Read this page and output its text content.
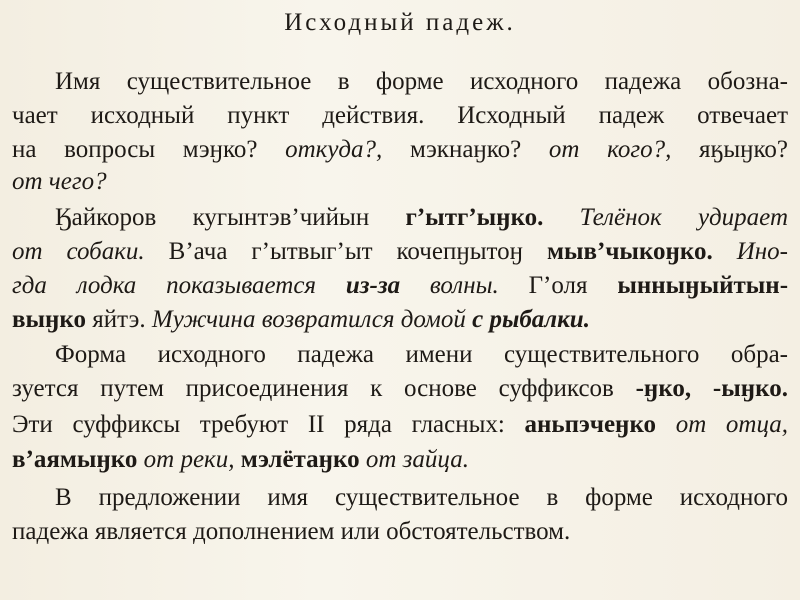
Исходный падеж.
Имя существительное в форме исходного падежа обозна-
чает исходный пункт действия. Исходный падеж отвечает
на вопросы мэӈко? откуда?, мэкнаӈко? от кого?, яӄыӈко?
от чего?
Ӄайкоров кугынтэв’чийын г’ытг’ыӈко. Телёнок удирает
от собаки. В’ача г’ытвыг’ыт кочепӈытоӈ мыв’чыкоӈко. Ино-
гда лодка показывается из-за волны. Г’оля ынныӈыйтын-
выӈко яйтэ. Мужчина возвратился домой с рыбалки.
Форма исходного падежа имени существительного обра-
зуется путем присоединения к основе суффиксов -ӈко, -ыӈко.
Эти суффиксы требуют II ряда гласных: аньпэчеӈко от отца,
в’аямыӈко от реки, мэлётаӈко от зайца.
В предложении имя существительное в форме исходного
падежа является дополнением или обстоятельством.
